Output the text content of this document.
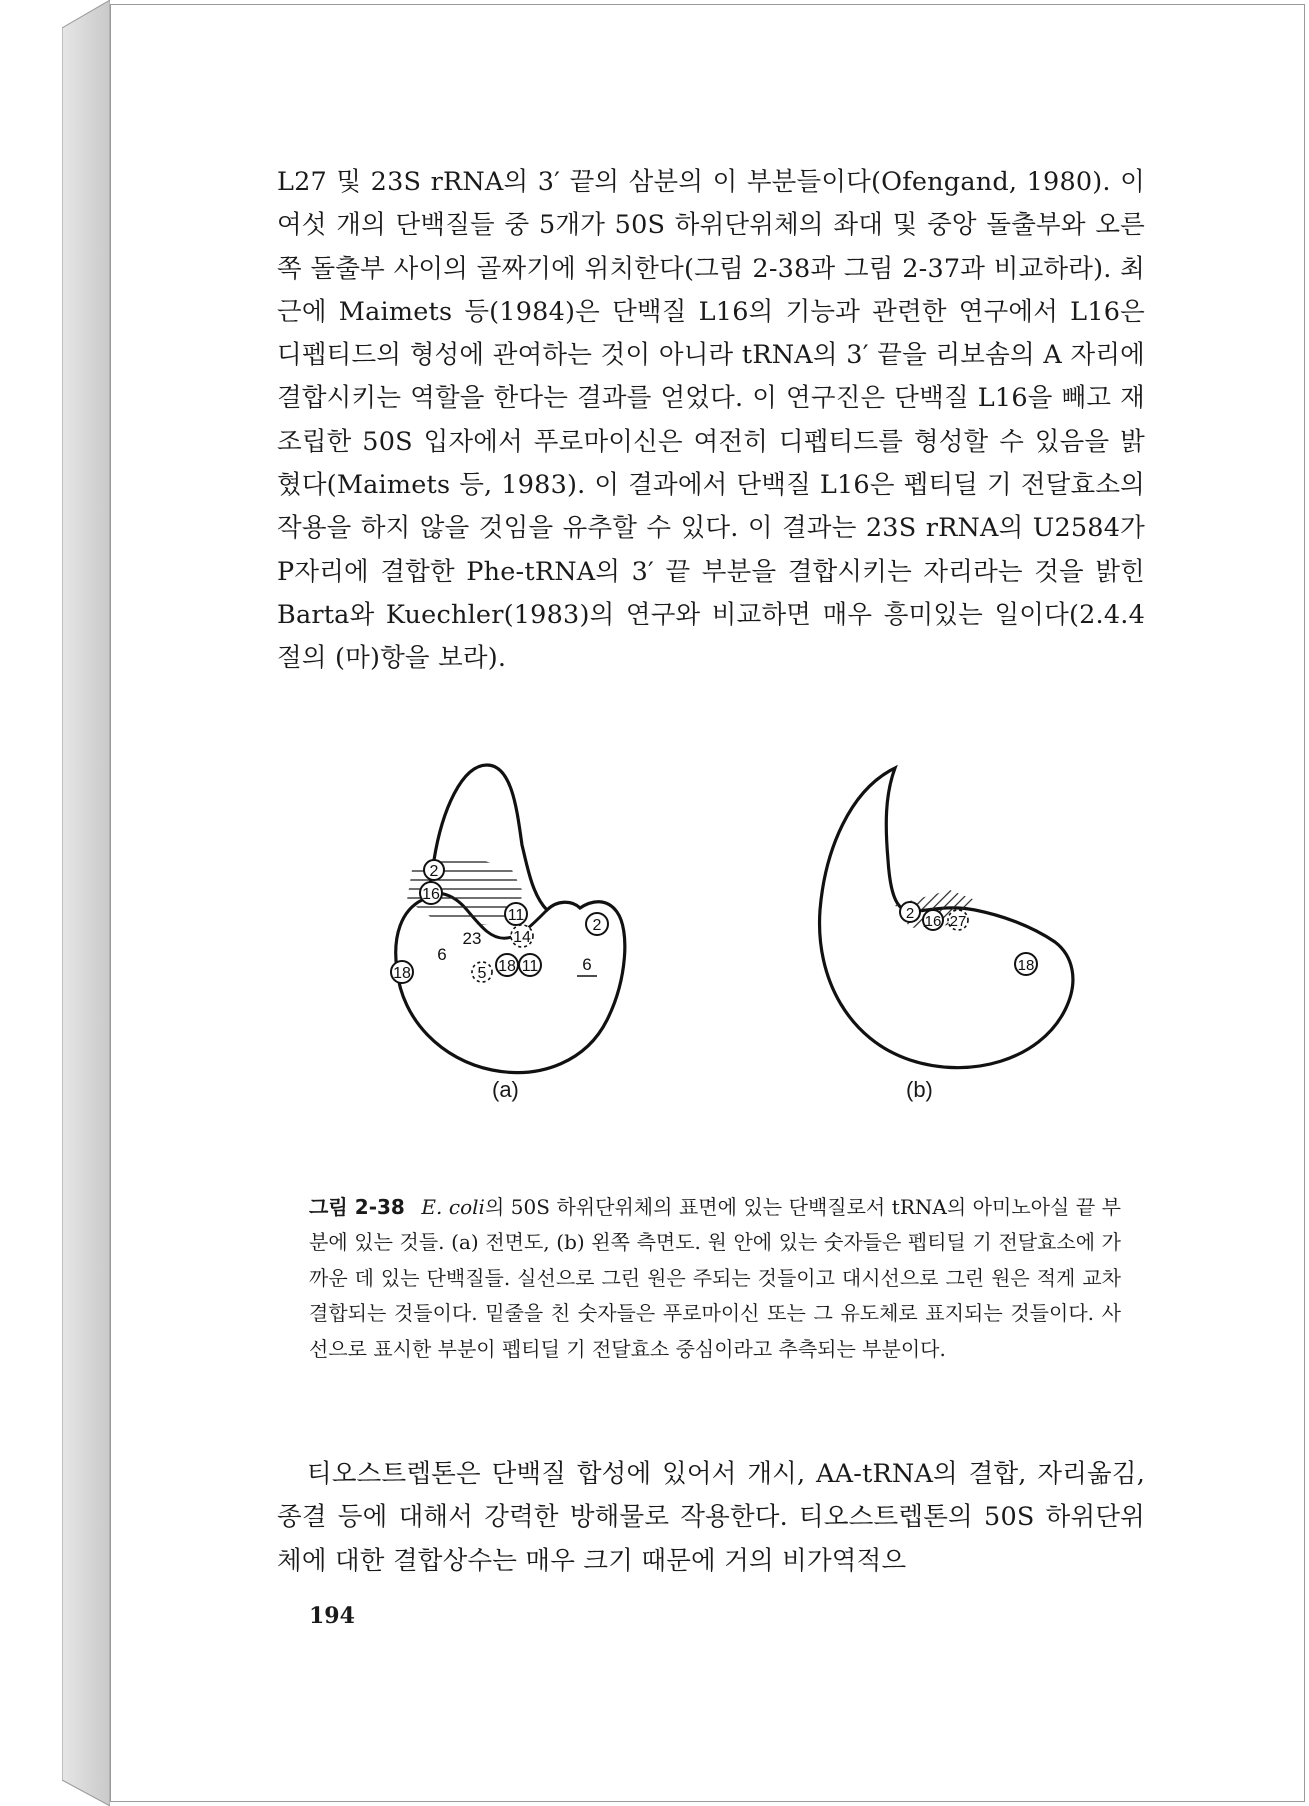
L27 및 23S rRNA의 3′ 끝의 삼분의 이 부분들이다(Ofengand, 1980). 이 여섯 개의 단백질들 중 5개가 50S 하위단위체의 좌대 및 중앙 돌출부와 오른쪽 돌출부 사이의 골짜기에 위치한다(그림 2-38과 그림 2-37과 비교하라). 최근에 Maimets 등(1984)은 단백질 L16의 기능과 관련한 연구에서 L16은 디펩티드의 형성에 관여하는 것이 아니라 tRNA의 3′ 끝을 리보솜의 A 자리에 결합시키는 역할을 한다는 결과를 얻었다. 이 연구진은 단백질 L16을 빼고 재조립한 50S 입자에서 푸로마이신은 여전히 디펩티드를 형성할 수 있음을 밝혔다(Maimets 등, 1983). 이 결과에서 단백질 L16은 펩티딜 기 전달효소의 작용을 하지 않을 것임을 유추할 수 있다. 이 결과는 23S rRNA의 U2584가 P자리에 결합한 Phe-tRNA의 3′ 끝 부분을 결합시키는 자리라는 것을 밝힌 Barta와 Kuechler(1983)의 연구와 비교하면 매우 흥미있는 일이다(2.4.4 절의 (마)항을 보라).

2
16
11
2
18	18 11
14
5
23
6
6
(a)
2 16 27
18
(b)

그림 2-38 E. coli의 50S 하위단위체의 표면에 있는 단백질로서 tRNA의 아미노아실 끝 부분에 있는 것들. (a) 전면도, (b) 왼쪽 측면도. 원 안에 있는 숫자들은 펩티딜 기 전달효소에 가까운 데 있는 단백질들. 실선으로 그린 원은 주되는 것들이고 대시선으로 그린 원은 적게 교차 결합되는 것들이다. 밑줄을 친 숫자들은 푸로마이신 또는 그 유도체로 표지되는 것들이다. 사선으로 표시한 부분이 펩티딜 기 전달효소 중심이라고 추측되는 부분이다.

티오스트렙톤은 단백질 합성에 있어서 개시, AA-tRNA의 결합, 자리옮김, 종결 등에 대해서 강력한 방해물로 작용한다. 티오스트렙톤의 50S 하위단위체에 대한 결합상수는 매우 크기 때문에 거의 비가역적으

194
